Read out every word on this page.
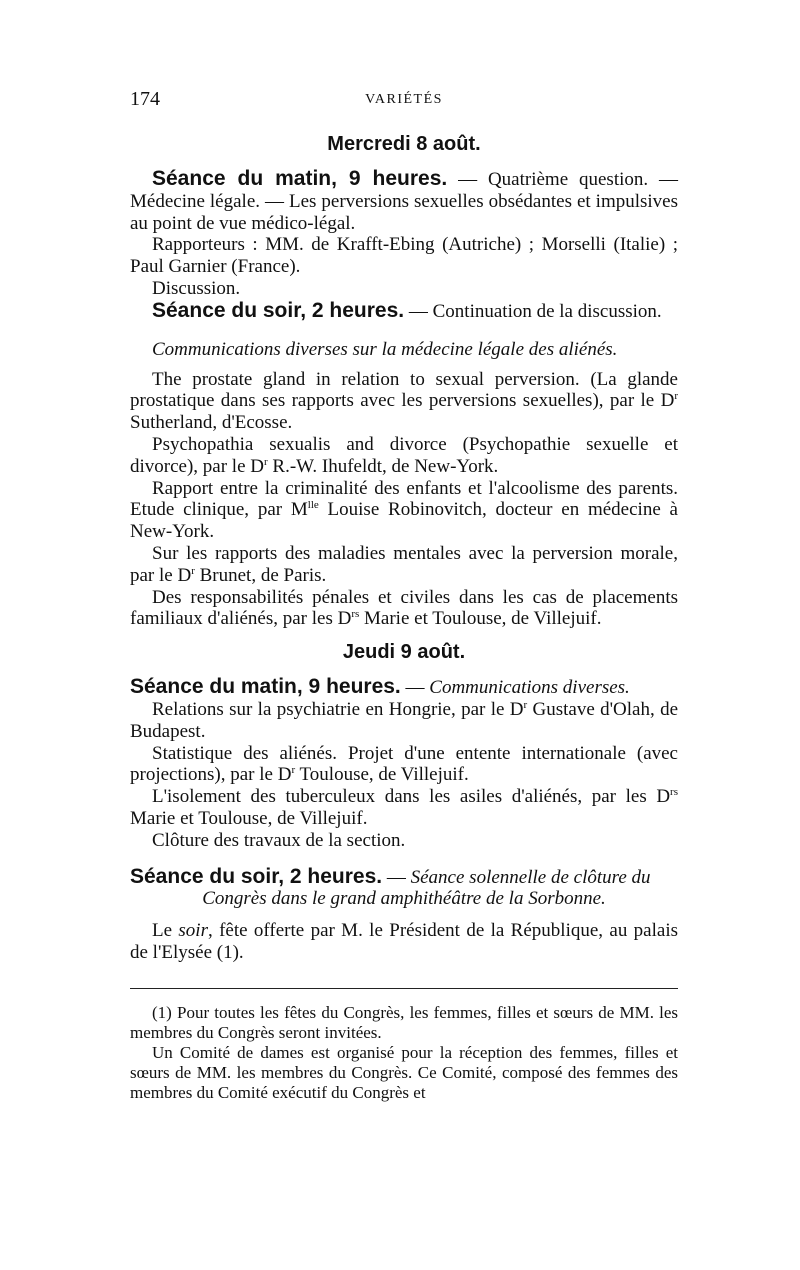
174	VARIÉTÉS
Mercredi 8 août.

Séance du matin, 9 heures. — Quatrième question. — Médecine légale. — Les perversions sexuelles obsédantes et impulsives au point de vue médico-légal.

Rapporteurs : MM. de Krafft-Ebing (Autriche) ; Morselli (Italie) ; Paul Garnier (France).

Discussion.

Séance du soir, 2 heures. — Continuation de la discussion.

Communications diverses sur la médecine légale des aliénés.

The prostate gland in relation to sexual perversion. (La glande prostatique dans ses rapports avec les perversions sexuelles), par le $D^r$ Sutherland, d'Ecosse.

Psychopathia sexualis and divorce (Psychopathie sexuelle et divorce), par le $D^r$ R.-W. Ihufeldt, de New-York.

Rapport entre la criminalité des enfants et l'alcoolisme des parents. Etude clinique, par $M^{lle}$ Louise Robinovitch, docteur en médecine à New-York.

Sur les rapports des maladies mentales avec la perversion morale, par le $D^r$ Brunet, de Paris.

Des responsabilités pénales et civiles dans les cas de placements familiaux d'aliénés, par les $D^{rs}$ Marie et Toulouse, de Villejuif.

Jeudi 9 août.

Séance du matin, 9 heures. — Communications diverses.

Relations sur la psychiatrie en Hongrie, par le $D^r$ Gustave d'Olah, de Budapest.

Statistique des aliénés. Projet d'une entente internationale (avec projections), par le $D^r$ Toulouse, de Villejuif.

L'isolement des tuberculeux dans les asiles d'aliénés, par les $D^{rs}$ Marie et Toulouse, de Villejuif.

Clôture des travaux de la section.

Séance du soir, 2 heures. — Séance solennelle de clôture du

Congrès dans le grand amphithéâtre de la Sorbonne.

Le soir, fête offerte par M. le Président de la République, au palais de l'Elysée (1).

(1) Pour toutes les fêtes du Congrès, les femmes, filles et sœurs de MM. les membres du Congrès seront invitées.

Un Comité de dames est organisé pour la réception des femmes, filles et sœurs de MM. les membres du Congrès. Ce Comité, composé des femmes des membres du Comité exécutif du Congrès et
